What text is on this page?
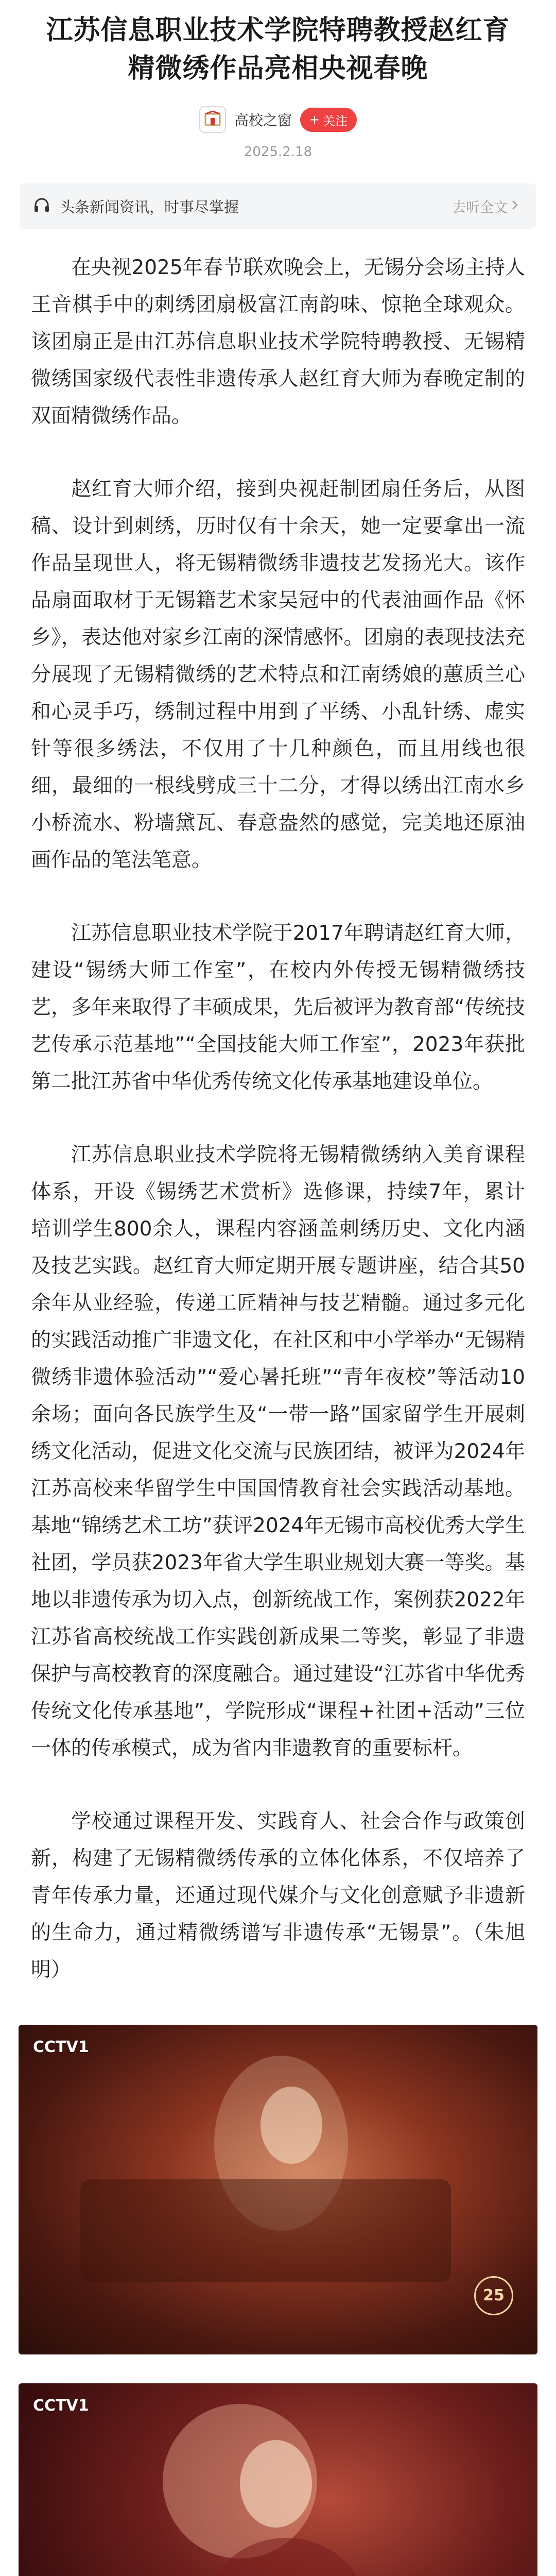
江苏信息职业技术学院特聘教授赵红育精微绣作品亮相央视春晚
高校之窗 + 关注
2025.2.18
头条新闻资讯，时事尽掌握	去听全文

在央视2025年春节联欢晚会上，无锡分会场主持人王音棋手中的刺绣团扇极富江南韵味、惊艳全球观众。该团扇正是由江苏信息职业技术学院特聘教授、无锡精微绣国家级代表性非遗传承人赵红育大师为春晚定制的双面精微绣作品。

赵红育大师介绍，接到央视赶制团扇任务后，从图稿、设计到刺绣，历时仅有十余天，她一定要拿出一流作品呈现世人，将无锡精微绣非遗技艺发扬光大。该作品扇面取材于无锡籍艺术家吴冠中的代表油画作品《怀乡》，表达他对家乡江南的深情感怀。团扇的表现技法充分展现了无锡精微绣的艺术特点和江南绣娘的蕙质兰心和心灵手巧，绣制过程中用到了平绣、小乱针绣、虚实针等很多绣法，不仅用了十几种颜色，而且用线也很细，最细的一根线劈成三十二分，才得以绣出江南水乡小桥流水、粉墙黛瓦、春意盎然的感觉，完美地还原油画作品的笔法笔意。

江苏信息职业技术学院于2017年聘请赵红育大师，建设“锡绣大师工作室”，在校内外传授无锡精微绣技艺，多年来取得了丰硕成果，先后被评为教育部“传统技艺传承示范基地”“全国技能大师工作室”，2023年获批第二批江苏省中华优秀传统文化传承基地建设单位。

江苏信息职业技术学院将无锡精微绣纳入美育课程体系，开设《锡绣艺术赏析》选修课，持续7年，累计培训学生800余人，课程内容涵盖刺绣历史、文化内涵及技艺实践。赵红育大师定期开展专题讲座，结合其50余年从业经验，传递工匠精神与技艺精髓。通过多元化的实践活动推广非遗文化，在社区和中小学举办“无锡精微绣非遗体验活动”“爱心暑托班”“青年夜校”等活动10余场；面向各民族学生及“一带一路”国家留学生开展刺绣文化活动，促进文化交流与民族团结，被评为2024年江苏高校来华留学生中国国情教育社会实践活动基地。基地“锦绣艺术工坊”获评2024年无锡市高校优秀大学生社团，学员获2023年省大学生职业规划大赛一等奖。基地以非遗传承为切入点，创新统战工作，案例获2022年江苏省高校统战工作实践创新成果二等奖，彰显了非遗保护与高校教育的深度融合。通过建设“江苏省中华优秀传统文化传承基地”，学院形成“课程+社团+活动”三位一体的传承模式，成为省内非遗教育的重要标杆。

学校通过课程开发、实践育人、社会合作与政策创新，构建了无锡精微绣传承的立体化体系，不仅培养了青年传承力量，还通过现代媒介与文化创意赋予非遗新的生命力，通过精微绣谱写非遗传承“无锡景”。（朱旭明）

CCTV1
25
CCTV1
